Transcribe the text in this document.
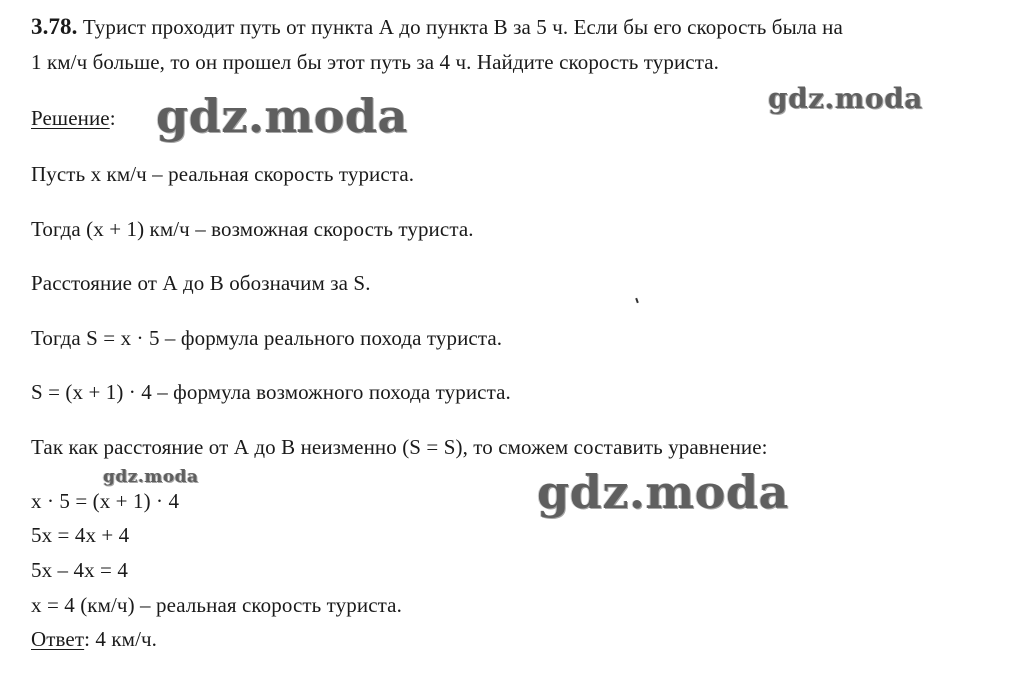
3.78. Турист проходит путь от пункта А до пункта В за 5 ч. Если бы его скорость была на
1 км/ч больше, то он прошел бы этот путь за 4 ч. Найдите скорость туриста.
Решение:
Пусть x км/ч – реальная скорость туриста.
Тогда (x + 1) км/ч – возможная скорость туриста.
Расстояние от А до В обозначим за S.
Тогда S = x · 5 – формула реального похода туриста.
S = (x + 1) · 4 – формула возможного похода туриста.
Так как расстояние от А до В неизменно (S = S), то сможем составить уравнение:
x · 5 = (x + 1) · 4
5x = 4x + 4
5x – 4x = 4
x = 4 (км/ч) – реальная скорость туриста.
Ответ: 4 км/ч.
gdz.moda	gdz.moda
gdz.moda	gdz.moda
